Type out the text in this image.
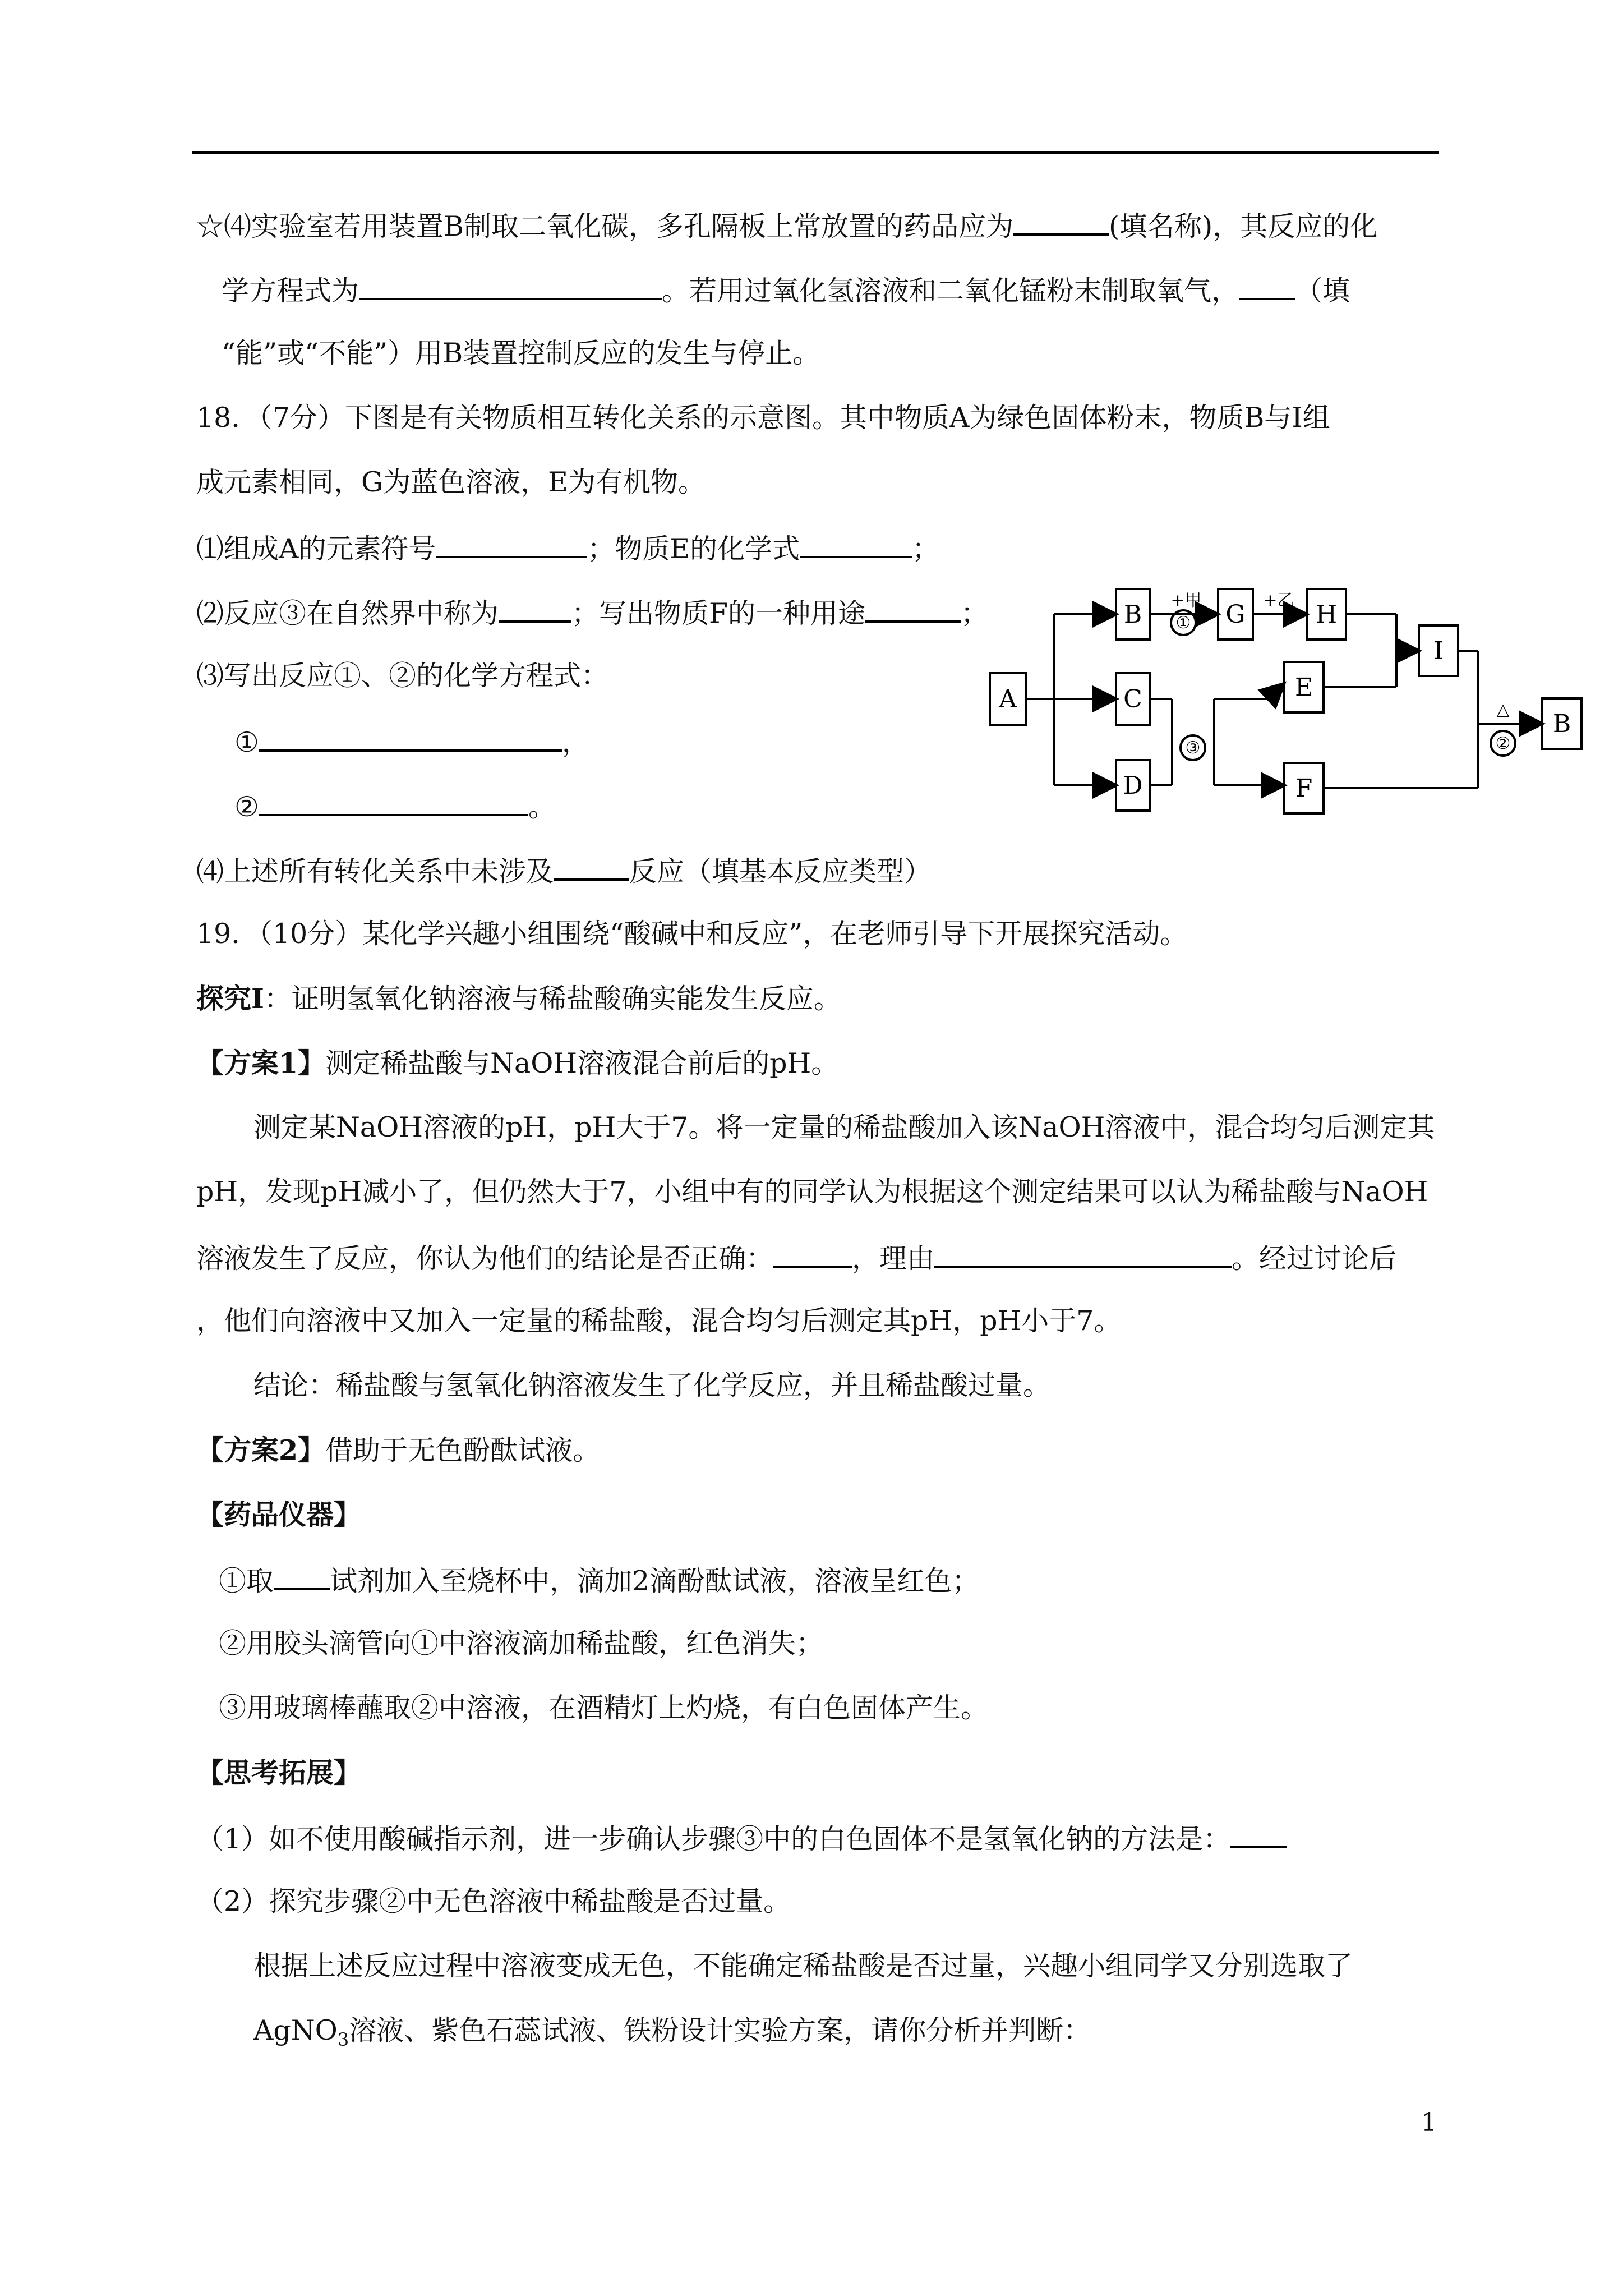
☆⑷实验室若用装置B制取二氧化碳，多孔隔板上常放置的药品应为	(填名称)，其反应的化
学方程式为	。若用过氧化氢溶液和二氧化锰粉末制取氧气， （填
“能”或“不能”）用B装置控制反应的发生与停止。
18．（7分）下图是有关物质相互转化关系的示意图。其中物质A为绿色固体粉末，物质B与I组
成元素相同，G为蓝色溶液，E为有机物。
⑴组成A的元素符号	；物质E的化学式	；
⑵反应③在自然界中称为	；写出物质F的一种用途	；
⑶写出反应①、②的化学方程式：
①	，
②	。
⑷上述所有转化关系中未涉及	反应（填基本反应类型）
A
B
C
D
G	H
E
F
I
B
+甲
①
+乙
③
△
②
19．（10分）某化学兴趣小组围绕“酸碱中和反应”，在老师引导下开展探究活动。
探究Ⅰ：证明氢氧化钠溶液与稀盐酸确实能发生反应。
【方案1】测定稀盐酸与NaOH溶液混合前后的pH。
测定某NaOH溶液的pH，pH大于7。将一定量的稀盐酸加入该NaOH溶液中，混合均匀后测定其
pH，发现pH减小了，但仍然大于7，小组中有的同学认为根据这个测定结果可以认为稀盐酸与NaOH
溶液发生了反应，你认为他们的结论是否正确：	，理由	。经过讨论后
，他们向溶液中又加入一定量的稀盐酸，混合均匀后测定其pH，pH小于7。
结论：稀盐酸与氢氧化钠溶液发生了化学反应，并且稀盐酸过量。
【方案2】借助于无色酚酞试液。
【药品仪器】
①取 试剂加入至烧杯中，滴加2滴酚酞试液，溶液呈红色；
②用胶头滴管向①中溶液滴加稀盐酸，红色消失；
③用玻璃棒蘸取②中溶液，在酒精灯上灼烧，有白色固体产生。
【思考拓展】
（1）如不使用酸碱指示剂，进一步确认步骤③中的白色固体不是氢氧化钠的方法是：
（2）探究步骤②中无色溶液中稀盐酸是否过量。
根据上述反应过程中溶液变成无色，不能确定稀盐酸是否过量，兴趣小组同学又分别选取了
AgNO$_3$溶液、紫色石蕊试液、铁粉设计实验方案，请你分析并判断：
1
